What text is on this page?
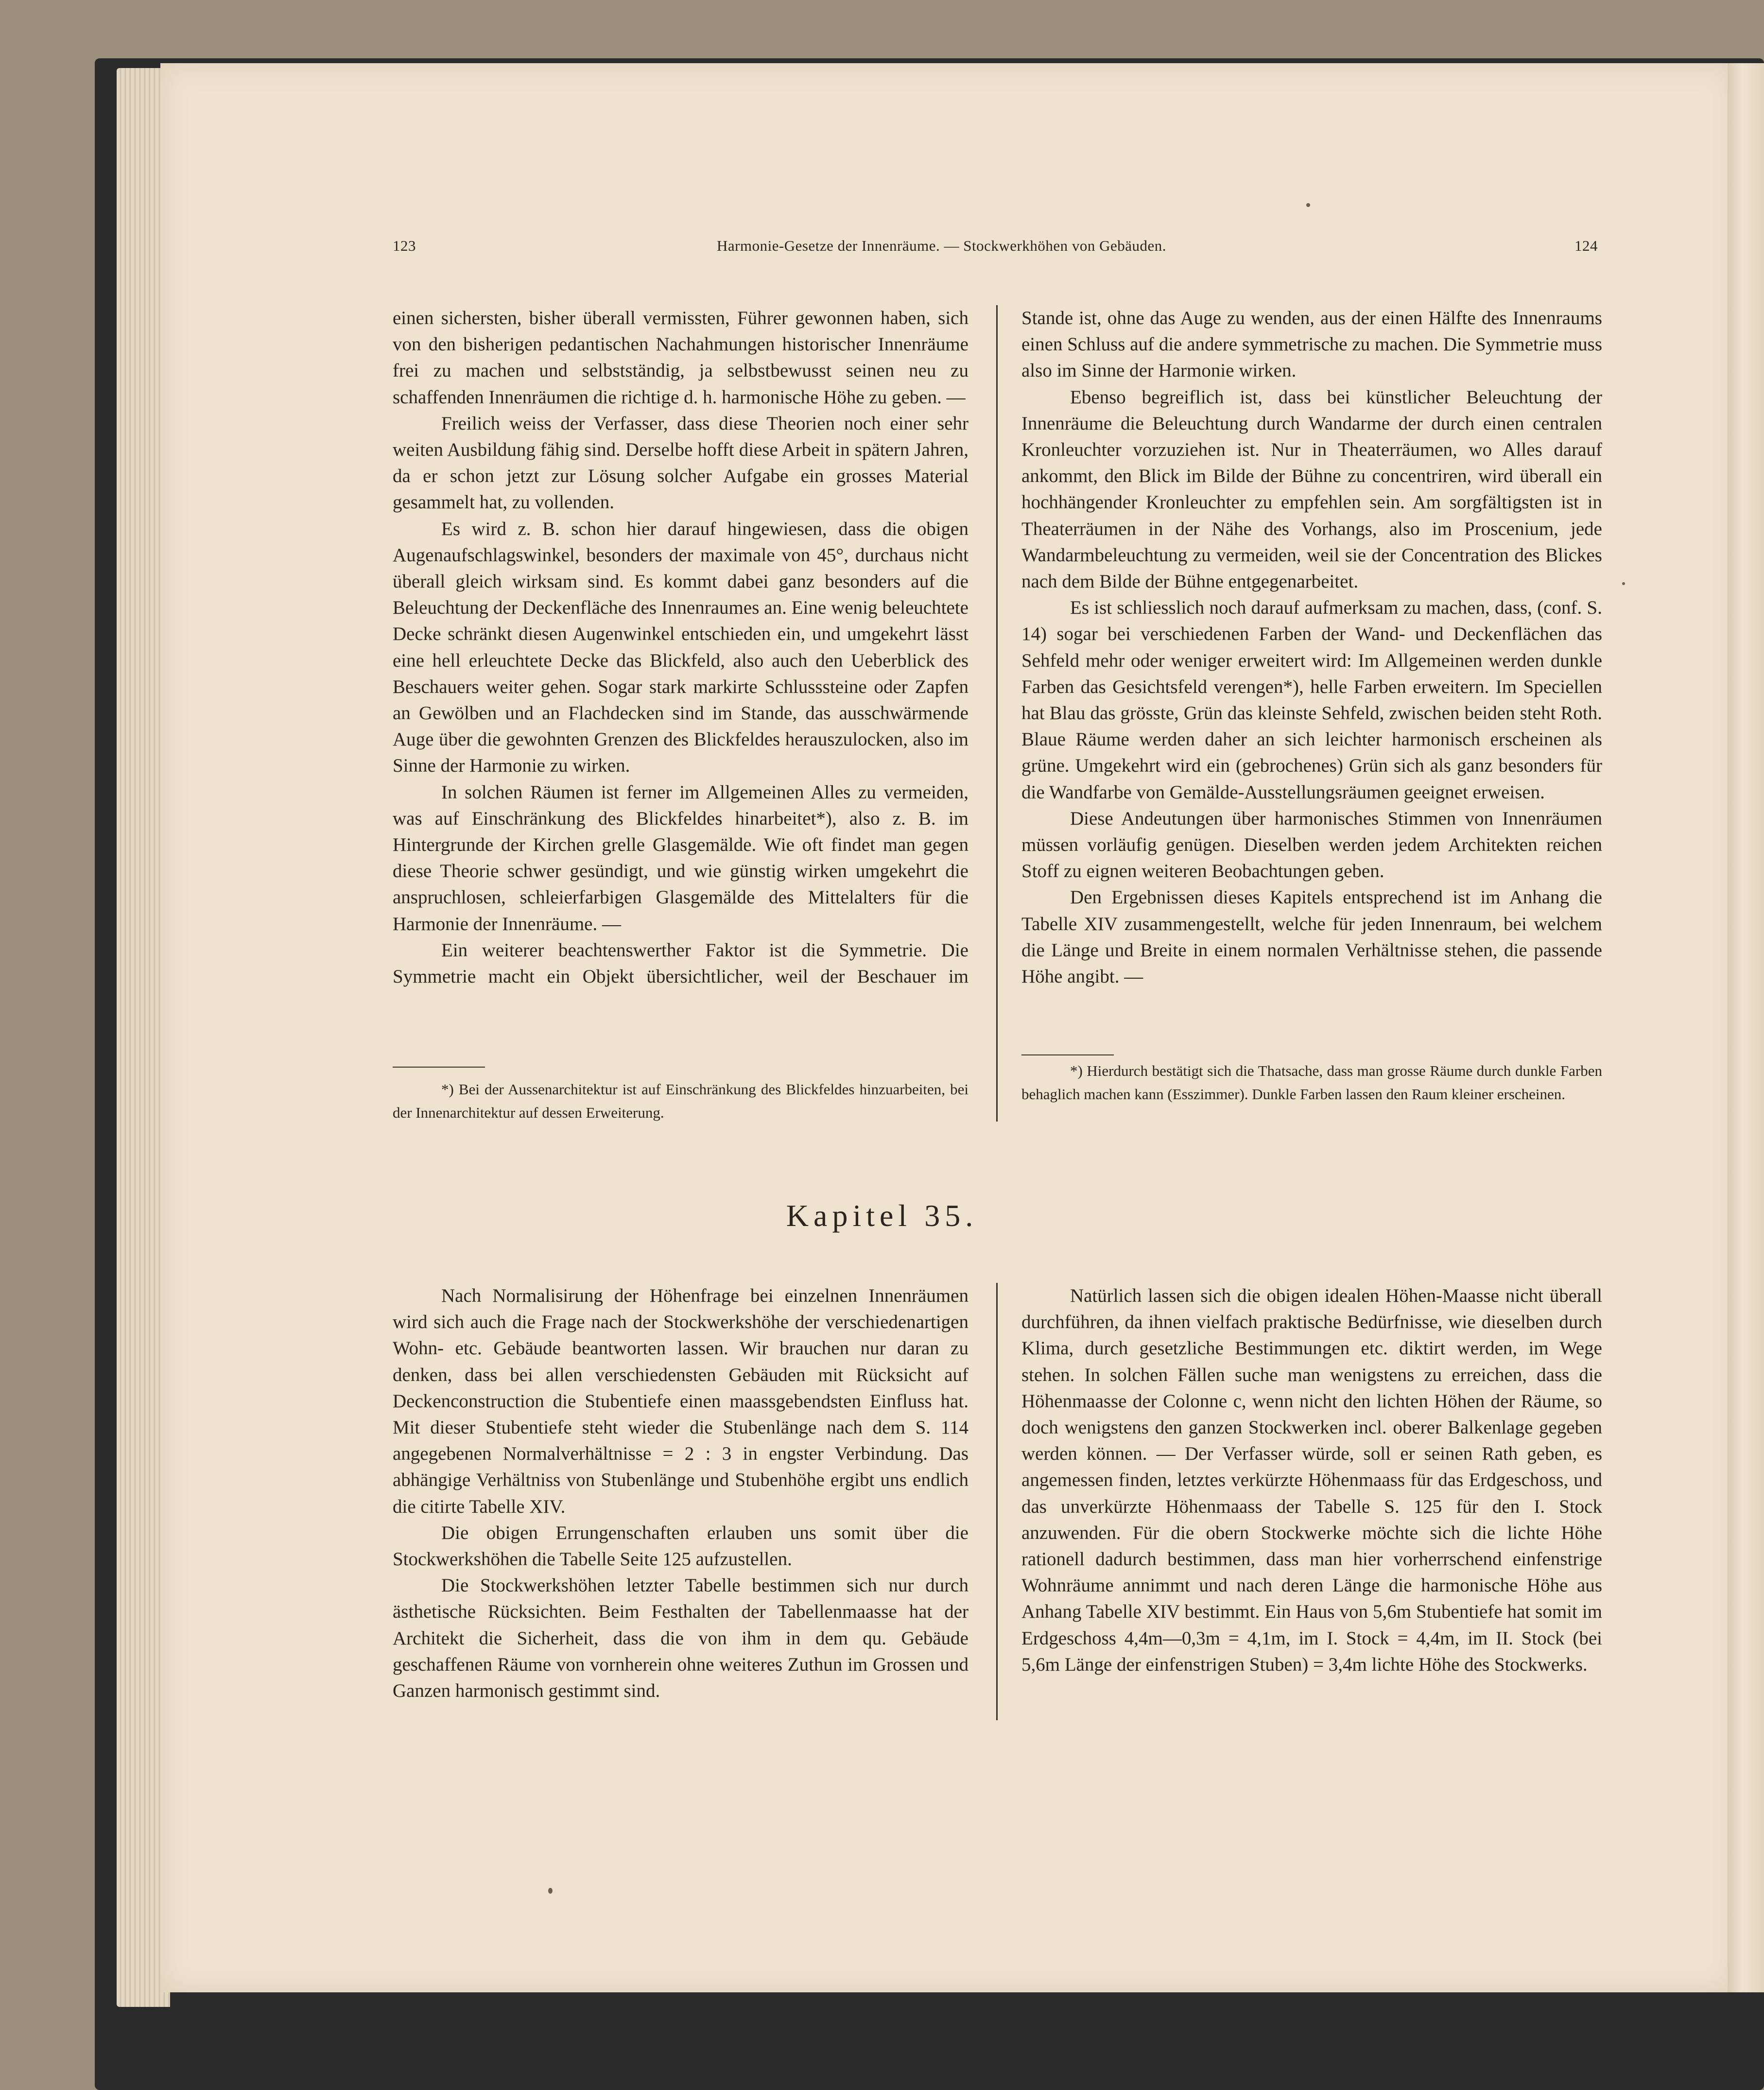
123	Harmonie-Gesetze der Innenräume. — Stockwerkhöhen von Gebäuden.	124

einen sichersten, bisher überall vermissten, Führer gewonnen haben, sich von den bisherigen pedantischen Nachahmungen historischer Innenräume frei zu machen und selbstständig, ja selbstbewusst seinen neu zu schaffenden Innenräumen die richtige d. h. harmonische Höhe zu geben. —

Freilich weiss der Verfasser, dass diese Theorien noch einer sehr weiten Ausbildung fähig sind. Derselbe hofft diese Arbeit in spätern Jahren, da er schon jetzt zur Lösung solcher Aufgabe ein grosses Material gesammelt hat, zu vollenden.

Es wird z. B. schon hier darauf hingewiesen, dass die obigen Augenaufschlagswinkel, besonders der maximale von 45°, durchaus nicht überall gleich wirksam sind. Es kommt dabei ganz besonders auf die Beleuchtung der Deckenfläche des Innenraumes an. Eine wenig beleuchtete Decke schränkt diesen Augenwinkel entschieden ein, und umgekehrt lässt eine hell erleuchtete Decke das Blickfeld, also auch den Ueberblick des Beschauers weiter gehen. Sogar stark markirte Schlusssteine oder Zapfen an Gewölben und an Flachdecken sind im Stande, das ausschwärmende Auge über die gewohnten Grenzen des Blickfeldes herauszulocken, also im Sinne der Harmonie zu wirken.

In solchen Räumen ist ferner im Allgemeinen Alles zu vermeiden, was auf Einschränkung des Blickfeldes hinarbeitet*), also z. B. im Hintergrunde der Kirchen grelle Glasgemälde. Wie oft findet man gegen diese Theorie schwer gesündigt, und wie günstig wirken umgekehrt die anspruchlosen, schleierfarbigen Glasgemälde des Mittelalters für die Harmonie der Innenräume. —

Ein weiterer beachtenswerther Faktor ist die Symmetrie. Die Symmetrie macht ein Objekt übersichtlicher, weil der Beschauer im

*) Bei der Aussenarchitektur ist auf Einschränkung des Blickfeldes hinzuarbeiten, bei der Innenarchitektur auf dessen Erweiterung.

Stande ist, ohne das Auge zu wenden, aus der einen Hälfte des Innenraums einen Schluss auf die andere symmetrische zu machen. Die Symmetrie muss also im Sinne der Harmonie wirken.

Ebenso begreiflich ist, dass bei künstlicher Beleuchtung der Innenräume die Beleuchtung durch Wandarme der durch einen centralen Kronleuchter vorzuziehen ist. Nur in Theaterräumen, wo Alles darauf ankommt, den Blick im Bilde der Bühne zu concentriren, wird überall ein hochhängender Kronleuchter zu empfehlen sein. Am sorgfältigsten ist in Theaterräumen in der Nähe des Vorhangs, also im Proscenium, jede Wandarmbeleuchtung zu vermeiden, weil sie der Concentration des Blickes nach dem Bilde der Bühne entgegenarbeitet.

Es ist schliesslich noch darauf aufmerksam zu machen, dass, (conf. S. 14) sogar bei verschiedenen Farben der Wand- und Deckenflächen das Sehfeld mehr oder weniger erweitert wird: Im Allgemeinen werden dunkle Farben das Gesichtsfeld verengen*), helle Farben erweitern. Im Speciellen hat Blau das grösste, Grün das kleinste Sehfeld, zwischen beiden steht Roth. Blaue Räume werden daher an sich leichter harmonisch erscheinen als grüne. Umgekehrt wird ein (gebrochenes) Grün sich als ganz besonders für die Wandfarbe von Gemälde-Ausstellungsräumen geeignet erweisen.

Diese Andeutungen über harmonisches Stimmen von Innenräumen müssen vorläufig genügen. Dieselben werden jedem Architekten reichen Stoff zu eignen weiteren Beobachtungen geben.

Den Ergebnissen dieses Kapitels entsprechend ist im Anhang die Tabelle XIV zusammengestellt, welche für jeden Innenraum, bei welchem die Länge und Breite in einem normalen Verhältnisse stehen, die passende Höhe angibt. —

*) Hierdurch bestätigt sich die Thatsache, dass man grosse Räume durch dunkle Farben behaglich machen kann (Esszimmer). Dunkle Farben lassen den Raum kleiner erscheinen.

Kapitel 35.

Nach Normalisirung der Höhenfrage bei einzelnen Innenräumen wird sich auch die Frage nach der Stockwerkshöhe der verschiedenartigen Wohn- etc. Gebäude beantworten lassen. Wir brauchen nur daran zu denken, dass bei allen verschiedensten Gebäuden mit Rücksicht auf Deckenconstruction die Stubentiefe einen maassgebendsten Einfluss hat. Mit dieser Stubentiefe steht wieder die Stubenlänge nach dem S. 114 angegebenen Normalverhältnisse = 2 : 3 in engster Verbindung. Das abhängige Verhältniss von Stubenlänge und Stubenhöhe ergibt uns endlich die citirte Tabelle XIV.

Die obigen Errungenschaften erlauben uns somit über die Stockwerkshöhen die Tabelle Seite 125 aufzustellen.

Die Stockwerkshöhen letzter Tabelle bestimmen sich nur durch ästhetische Rücksichten. Beim Festhalten der Tabellenmaasse hat der Architekt die Sicherheit, dass die von ihm in dem qu. Gebäude geschaffenen Räume von vornherein ohne weiteres Zuthun im Grossen und Ganzen harmonisch gestimmt sind.

Natürlich lassen sich die obigen idealen Höhen-Maasse nicht überall durchführen, da ihnen vielfach praktische Bedürfnisse, wie dieselben durch Klima, durch gesetzliche Bestimmungen etc. diktirt werden, im Wege stehen. In solchen Fällen suche man wenigstens zu erreichen, dass die Höhenmaasse der Colonne c, wenn nicht den lichten Höhen der Räume, so doch wenigstens den ganzen Stockwerken incl. oberer Balkenlage gegeben werden können. — Der Verfasser würde, soll er seinen Rath geben, es angemessen finden, letztes verkürzte Höhenmaass für das Erdgeschoss, und das unverkürzte Höhenmaass der Tabelle S. 125 für den I. Stock anzuwenden. Für die obern Stockwerke möchte sich die lichte Höhe rationell dadurch bestimmen, dass man hier vorherrschend einfenstrige Wohnräume annimmt und nach deren Länge die harmonische Höhe aus Anhang Tabelle XIV bestimmt. Ein Haus von 5,6m Stubentiefe hat somit im Erdgeschoss 4,4m—0,3m = 4,1m, im I. Stock = 4,4m, im II. Stock (bei 5,6m Länge der einfenstrigen Stuben) = 3,4m lichte Höhe des Stockwerks.
